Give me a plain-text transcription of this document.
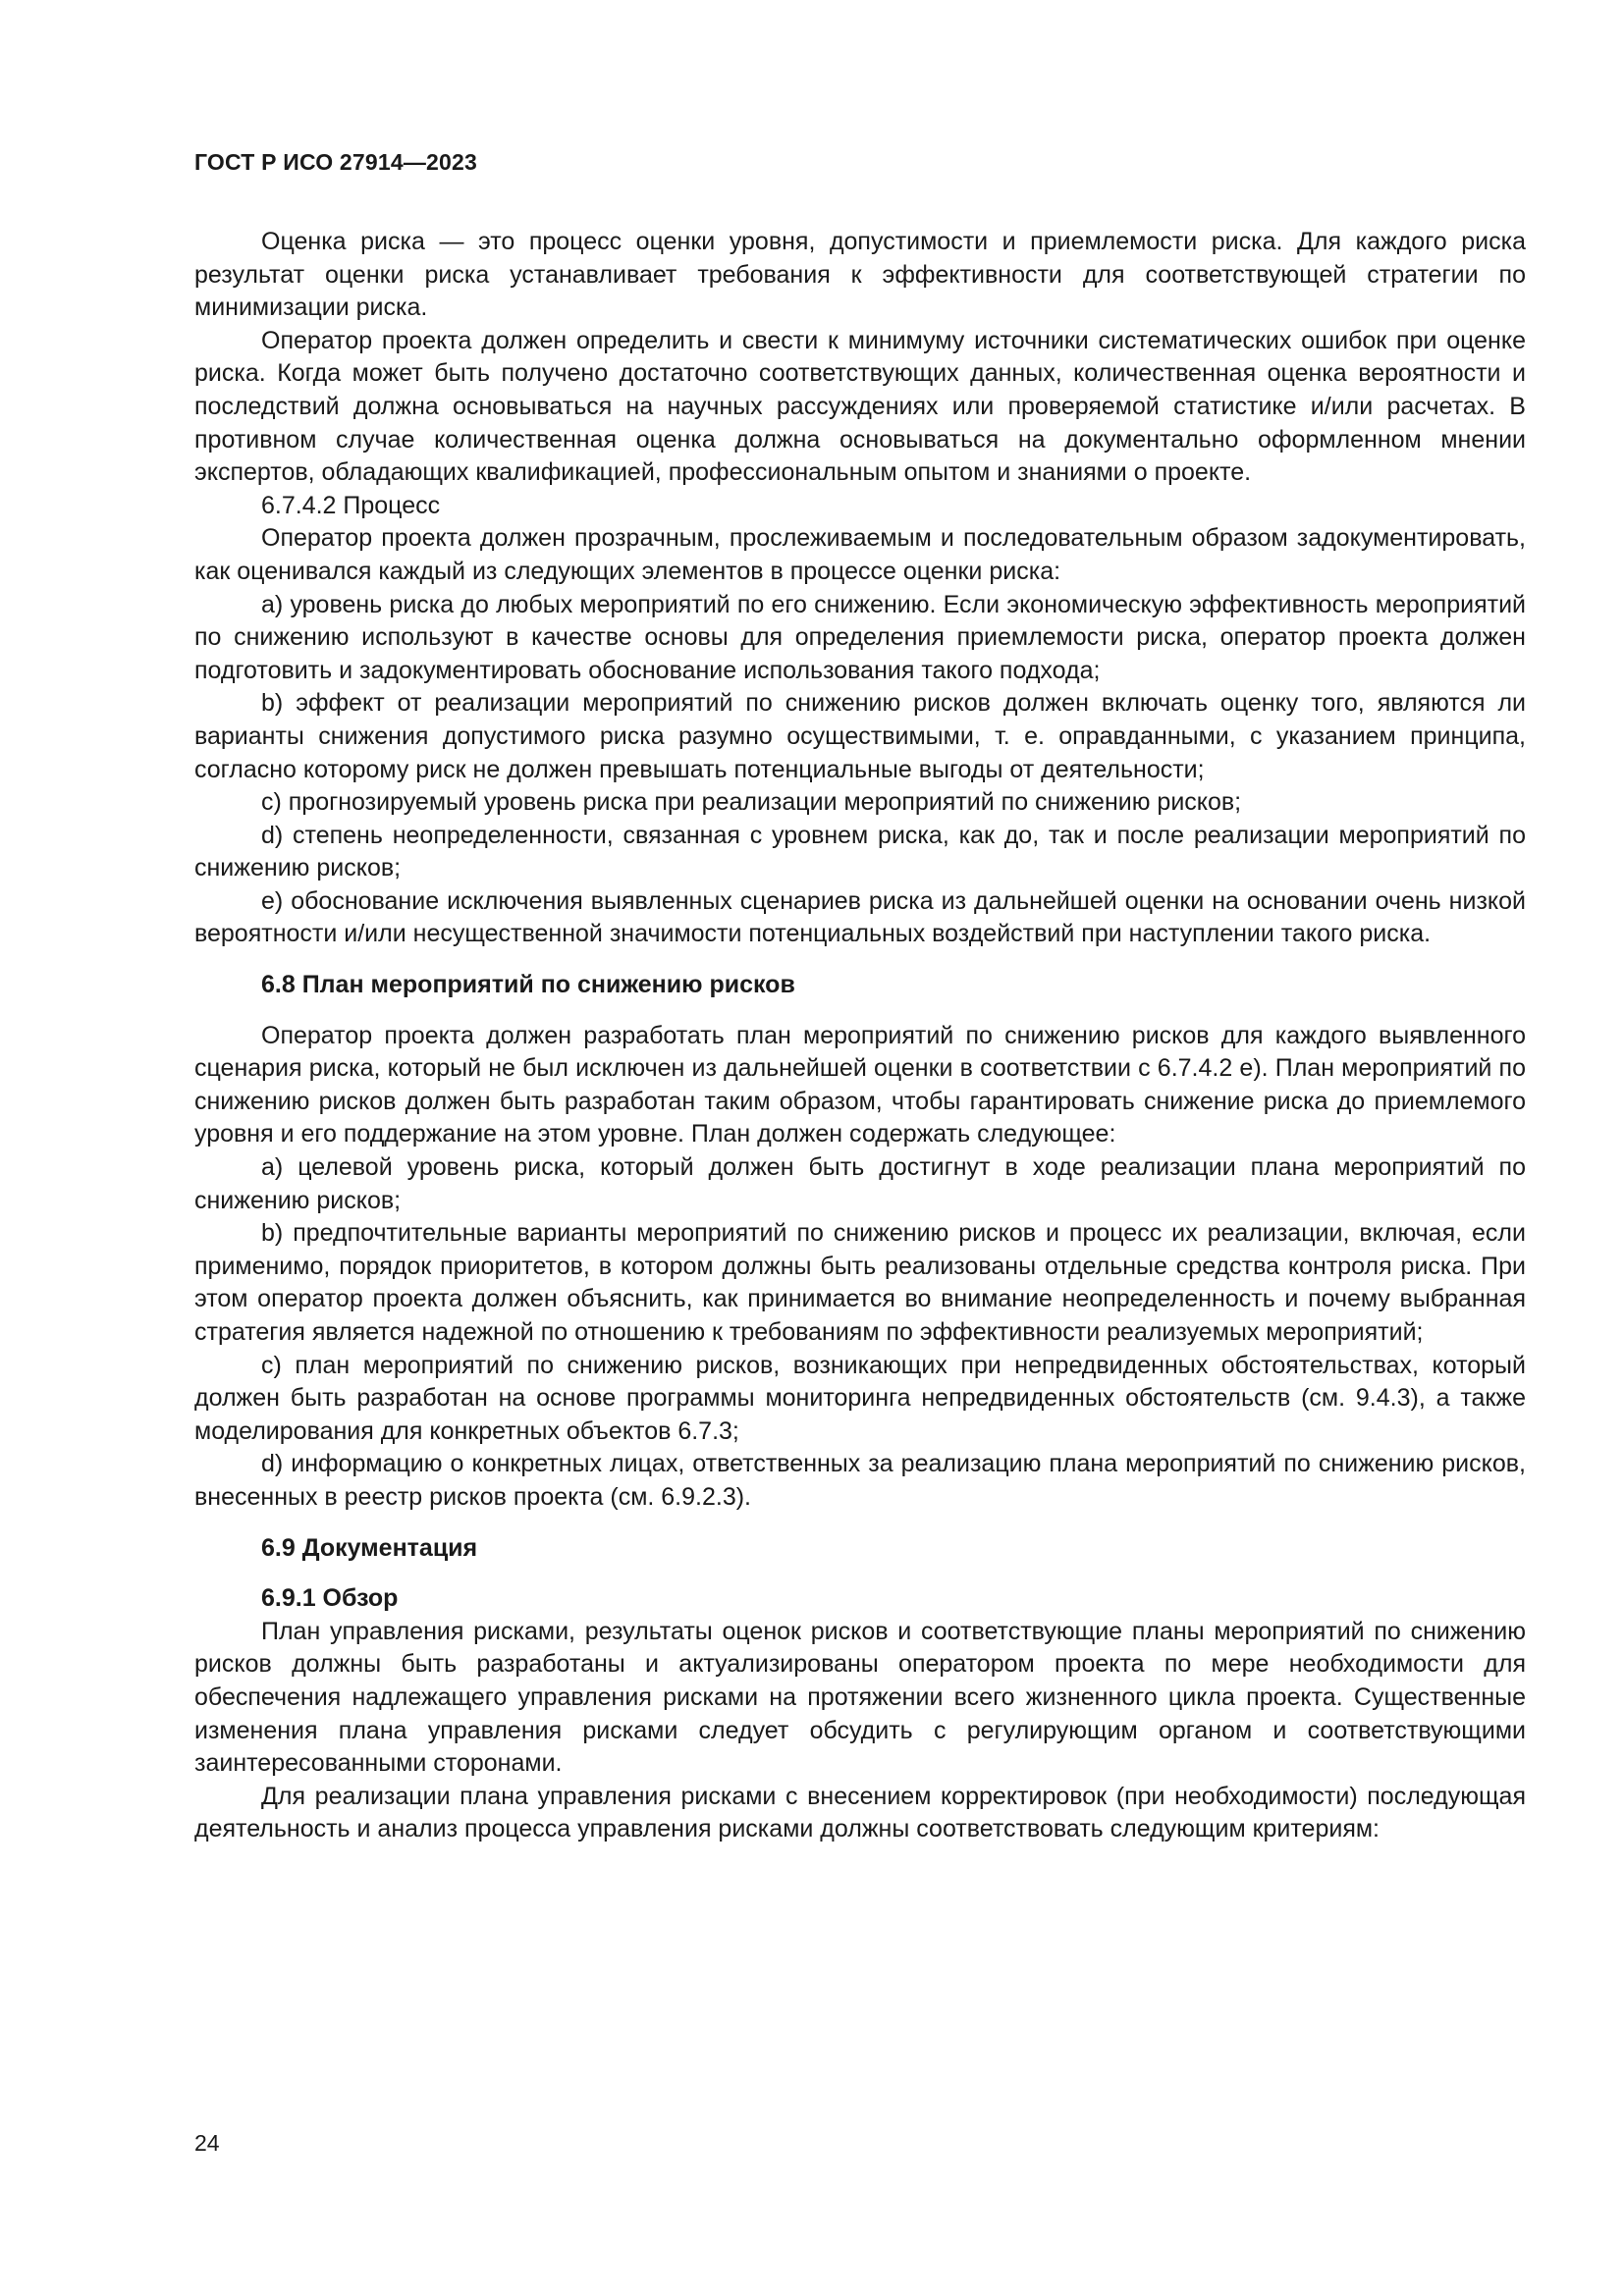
ГОСТ Р ИСО 27914—2023

Оценка риска — это процесс оценки уровня, допустимости и приемлемости риска. Для каждого риска результат оценки риска устанавливает требования к эффективности для соответствующей стратегии по минимизации риска.

Оператор проекта должен определить и свести к минимуму источники систематических ошибок при оценке риска. Когда может быть получено достаточно соответствующих данных, количественная оценка вероятности и последствий должна основываться на научных рассуждениях или проверяемой статистике и/или расчетах. В противном случае количественная оценка должна основываться на документально оформленном мнении экспертов, обладающих квалификацией, профессиональным опытом и знаниями о проекте.

6.7.4.2 Процесс

Оператор проекта должен прозрачным, прослеживаемым и последовательным образом задокументировать, как оценивался каждый из следующих элементов в процессе оценки риска:

a) уровень риска до любых мероприятий по его снижению. Если экономическую эффективность мероприятий по снижению используют в качестве основы для определения приемлемости риска, оператор проекта должен подготовить и задокументировать обоснование использования такого подхода;

b) эффект от реализации мероприятий по снижению рисков должен включать оценку того, являются ли варианты снижения допустимого риска разумно осуществимыми, т. е. оправданными, с указанием принципа, согласно которому риск не должен превышать потенциальные выгоды от деятельности;

c) прогнозируемый уровень риска при реализации мероприятий по снижению рисков;

d) степень неопределенности, связанная с уровнем риска, как до, так и после реализации мероприятий по снижению рисков;

e) обоснование исключения выявленных сценариев риска из дальнейшей оценки на основании очень низкой вероятности и/или несущественной значимости потенциальных воздействий при наступлении такого риска.

6.8 План мероприятий по снижению рисков

Оператор проекта должен разработать план мероприятий по снижению рисков для каждого выявленного сценария риска, который не был исключен из дальнейшей оценки в соответствии с 6.7.4.2 е). План мероприятий по снижению рисков должен быть разработан таким образом, чтобы гарантировать снижение риска до приемлемого уровня и его поддержание на этом уровне. План должен содержать следующее:

a) целевой уровень риска, который должен быть достигнут в ходе реализации плана мероприятий по снижению рисков;

b) предпочтительные варианты мероприятий по снижению рисков и процесс их реализации, включая, если применимо, порядок приоритетов, в котором должны быть реализованы отдельные средства контроля риска. При этом оператор проекта должен объяснить, как принимается во внимание неопределенность и почему выбранная стратегия является надежной по отношению к требованиям по эффективности реализуемых мероприятий;

c) план мероприятий по снижению рисков, возникающих при непредвиденных обстоятельствах, который должен быть разработан на основе программы мониторинга непредвиденных обстоятельств (см. 9.4.3), а также моделирования для конкретных объектов 6.7.3;

d) информацию о конкретных лицах, ответственных за реализацию плана мероприятий по снижению рисков, внесенных в реестр рисков проекта (см. 6.9.2.3).

6.9 Документация

6.9.1 Обзор

План управления рисками, результаты оценок рисков и соответствующие планы мероприятий по снижению рисков должны быть разработаны и актуализированы оператором проекта по мере необходимости для обеспечения надлежащего управления рисками на протяжении всего жизненного цикла проекта. Существенные изменения плана управления рисками следует обсудить с регулирующим органом и соответствующими заинтересованными сторонами.

Для реализации плана управления рисками с внесением корректировок (при необходимости) последующая деятельность и анализ процесса управления рисками должны соответствовать следующим критериям:

24
